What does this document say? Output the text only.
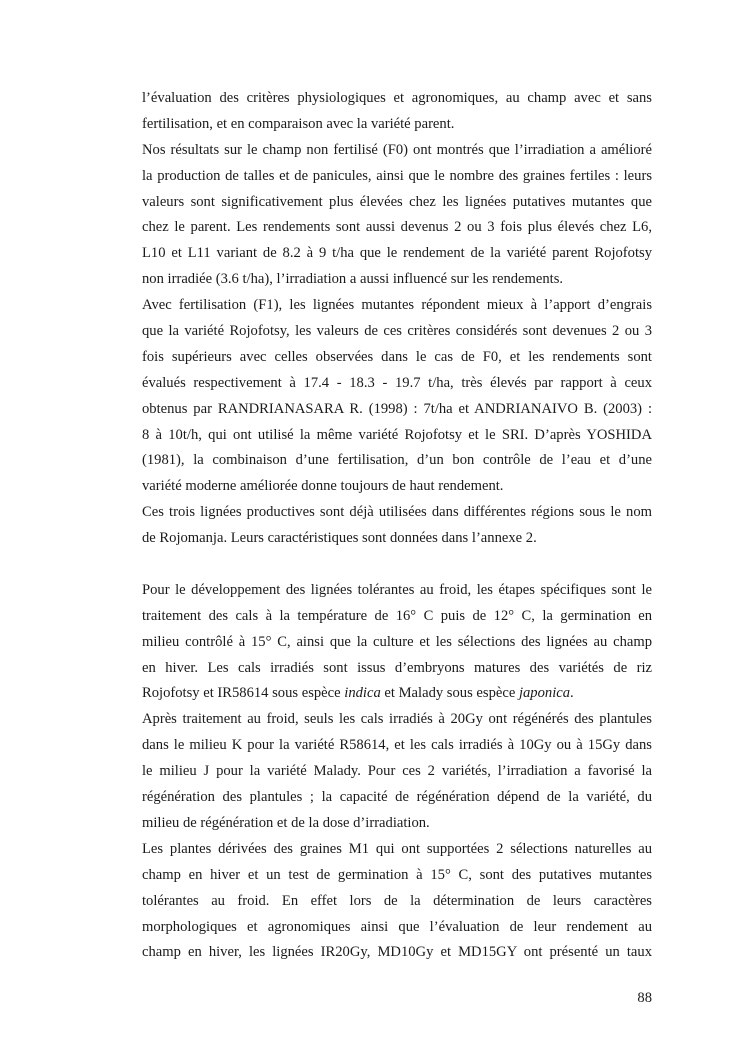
l’évaluation des critères physiologiques et agronomiques, au champ avec et sans
fertilisation, et en comparaison avec la variété parent.
Nos résultats sur le champ non fertilisé (F0) ont montrés que l’irradiation a amélioré
la production de talles et de panicules, ainsi que le nombre des graines fertiles : leurs
valeurs sont significativement plus élevées chez les lignées putatives mutantes que
chez le parent. Les rendements sont aussi devenus 2 ou 3 fois plus élevés chez L6,
L10 et L11 variant de 8.2 à 9 t/ha que le rendement de la variété parent Rojofotsy
non irradiée (3.6 t/ha), l’irradiation a aussi influencé sur les rendements.
Avec fertilisation (F1), les lignées mutantes répondent mieux à l’apport d’engrais
que la variété Rojofotsy, les valeurs de ces critères considérés sont devenues 2 ou 3
fois supérieurs avec celles observées dans le cas de F0, et les rendements sont
évalués respectivement à 17.4 - 18.3 - 19.7 t/ha, très élevés par rapport à ceux
obtenus par RANDRIANASARA R. (1998) : 7t/ha et ANDRIANAIVO B. (2003) :
8 à 10t/h, qui ont utilisé la même variété Rojofotsy et le SRI. D’après YOSHIDA
(1981), la combinaison d’une fertilisation, d’un bon contrôle de l’eau et d’une
variété moderne améliorée donne toujours de haut rendement.
Ces trois lignées productives sont déjà utilisées dans différentes régions sous le nom
de Rojomanja. Leurs caractéristiques sont données dans l’annexe 2.
Pour le développement des lignées tolérantes au froid, les étapes spécifiques sont le
traitement des cals à la température de 16° C puis de 12° C, la germination en
milieu contrôlé à 15° C, ainsi que la culture et les sélections des lignées au champ
en hiver. Les cals irradiés sont issus d’embryons matures des variétés de riz
Rojofotsy et IR58614 sous espèce indica et Malady sous espèce japonica.
Après traitement au froid, seuls les cals irradiés à 20Gy ont régénérés des plantules
dans le milieu K pour la variété R58614, et les cals irradiés à 10Gy ou à 15Gy dans
le milieu J pour la variété Malady. Pour ces 2 variétés, l’irradiation a favorisé la
régénération des plantules ; la capacité de régénération dépend de la variété, du
milieu de régénération et de la dose d’irradiation.
Les plantes dérivées des graines M1 qui ont supportées 2 sélections naturelles au
champ en hiver et un test de germination à 15° C, sont des putatives mutantes
tolérantes au froid. En effet lors de la détermination de leurs caractères
morphologiques et agronomiques ainsi que l’évaluation de leur rendement au
champ en hiver, les lignées IR20Gy, MD10Gy et MD15GY ont présenté un taux
88
